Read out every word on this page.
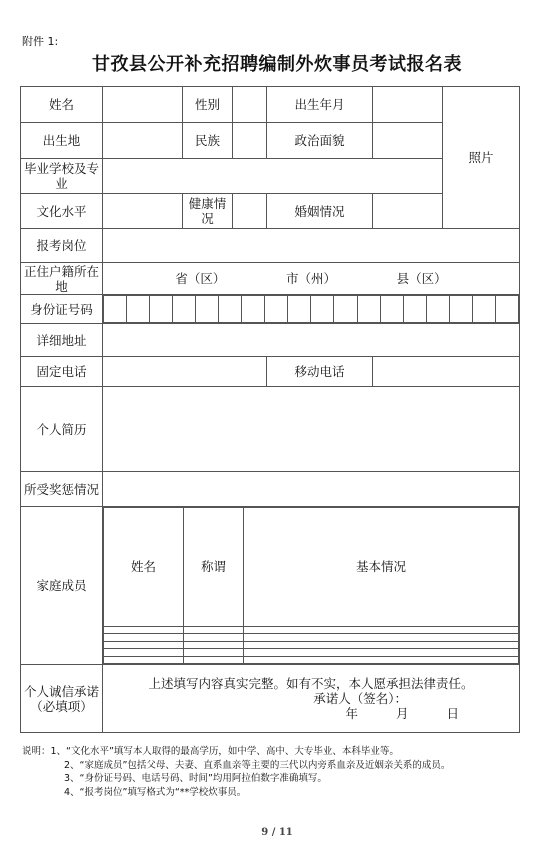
附件 1:
甘孜县公开补充招聘编制外炊事员考试报名表
姓名		性别		出生年月		照片
出生地		民族		政治面貌	
毕业学校及专业	
文化水平		健康情况		婚姻情况	
报考岗位	
正住户籍所在地	省（区）	市（州）	县（区）

身份证号码	

详细地址	
固定电话		移动电话	
个人简历	
所受奖惩情况	
家庭成员	
姓名	称谓	基本情况

个人诚信承诺（必填项）	
上述填写内容真实完整。如有不实，本人愿承担法律责任。
承诺人（签名）：
年	月	日
说明：1、“文化水平”填写本人取得的最高学历，如中学、高中、大专毕业、本科毕业等。
2、“家庭成员”包括父母、夫妻、直系血亲等主要的三代以内旁系血亲及近姻亲关系的成员。
3、“身份证号码、电话号码、时间”均用阿拉伯数字准确填写。
4、“报考岗位”填写格式为“**学校炊事员。
9 / 11
